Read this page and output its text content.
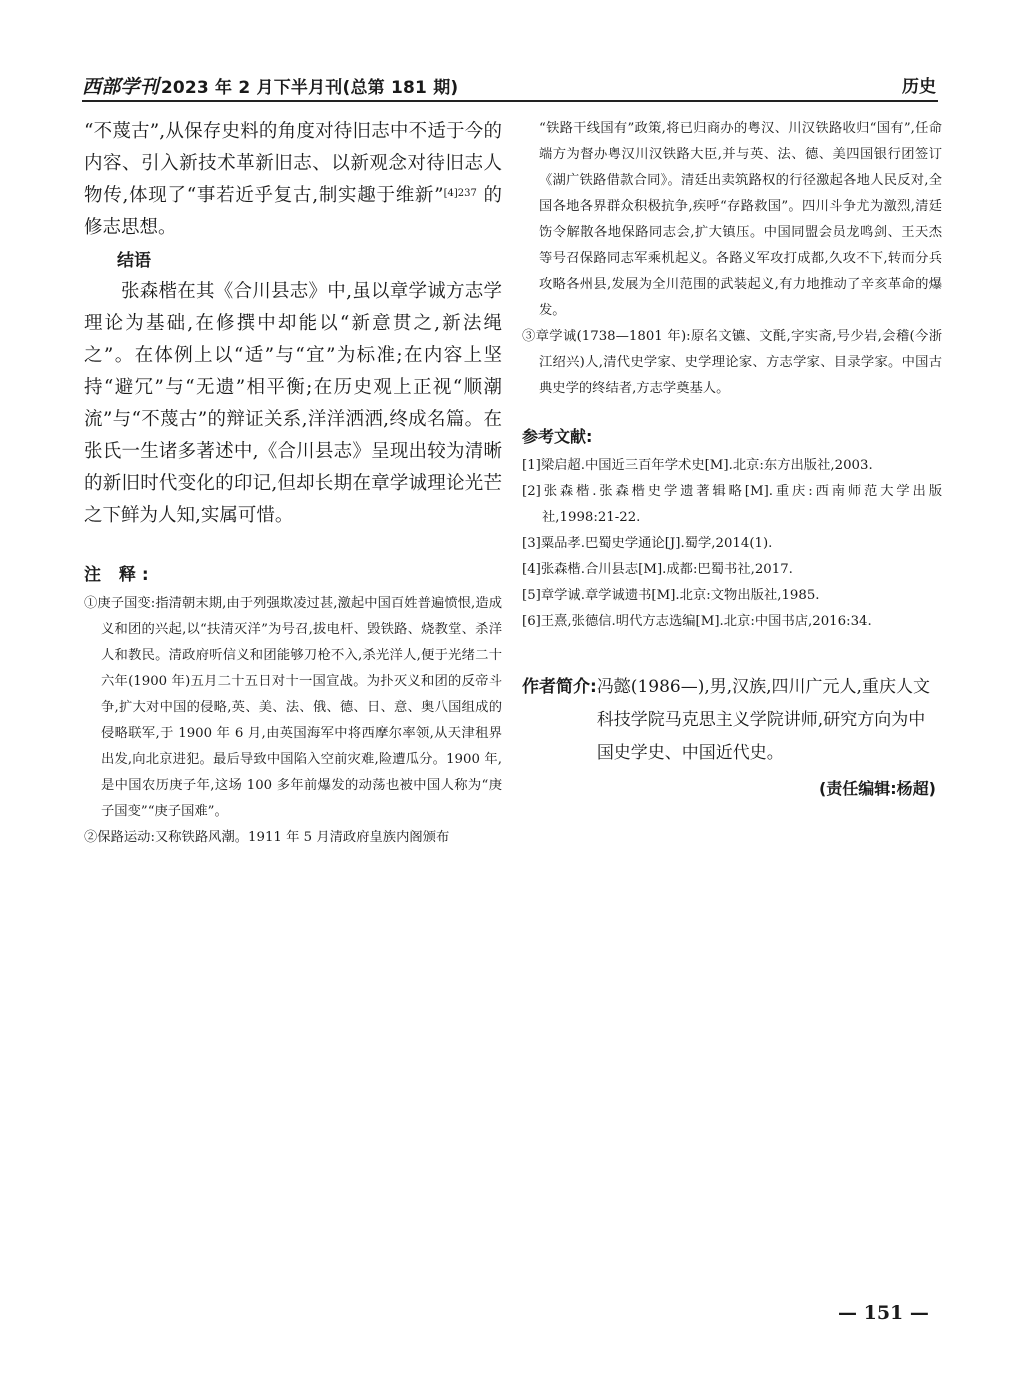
西部学刊 2023 年 2 月下半月刊(总第 181 期)	历史

“不蔑古”,从保存史料的角度对待旧志中不适于今的内容、引入新技术革新旧志、以新观念对待旧志人物传,体现了“事若近乎复古,制实趣于维新”$^{[4]237}$ 的修志思想。

结语

张森楷在其《合川县志》中,虽以章学诚方志学理论为基础,在修撰中却能以“新意贯之,新法绳之”。在体例上以“适”与“宜”为标准;在内容上坚持“避冗”与“无遗”相平衡;在历史观上正视“顺潮流”与“不蔑古”的辩证关系,洋洋洒洒,终成名篇。在张氏一生诸多著述中,《合川县志》呈现出较为清晰的新旧时代变化的印记,但却长期在章学诚理论光芒之下鲜为人知,实属可惜。

注 释:

①庚子国变:指清朝末期,由于列强欺凌过甚,激起中国百姓普遍愤恨,造成义和团的兴起,以“扶清灭洋”为号召,拔电杆、毁铁路、烧教堂、杀洋人和教民。清政府听信义和团能够刀枪不入,杀光洋人,便于光绪二十六年(1900 年)五月二十五日对十一国宣战。为扑灭义和团的反帝斗争,扩大对中国的侵略,英、美、法、俄、德、日、意、奥八国组成的侵略联军,于 1900 年 6 月,由英国海军中将西摩尔率领,从天津租界出发,向北京进犯。最后导致中国陷入空前灾难,险遭瓜分。1900 年,是中国农历庚子年,这场 100 多年前爆发的动荡也被中国人称为“庚子国变”“庚子国难”。

②保路运动:又称铁路风潮。1911 年 5 月清政府皇族内阁颁布

“铁路干线国有”政策,将已归商办的粤汉、川汉铁路收归“国有”,任命端方为督办粤汉川汉铁路大臣,并与英、法、德、美四国银行团签订《湖广铁路借款合同》。清廷出卖筑路权的行径激起各地人民反对,全国各地各界群众积极抗争,疾呼“存路救国”。四川斗争尤为激烈,清廷饬令解散各地保路同志会,扩大镇压。中国同盟会员龙鸣剑、王天杰等号召保路同志军乘机起义。各路义军攻打成都,久攻不下,转而分兵攻略各州县,发展为全川范围的武装起义,有力地推动了辛亥革命的爆发。

③章学诚(1738—1801 年):原名文镳、文酕,字实斋,号少岩,会稽(今浙江绍兴)人,清代史学家、史学理论家、方志学家、目录学家。中国古典史学的终结者,方志学奠基人。

参考文献:

[1]梁启超.中国近三百年学术史[M].北京:东方出版社,2003.

[2]张森楷.张森楷史学遗著辑略[M].重庆:西南师范大学出版社,1998:21-22.

[3]粟品孝.巴蜀史学通论[J].蜀学,2014(1).

[4]张森楷.合川县志[M].成都:巴蜀书社,2017.

[5]章学诚.章学诚遗书[M].北京:文物出版社,1985.

[6]王熹,张德信.明代方志选编[M].北京:中国书店,2016:34.

作者简介: 冯懿(1986—),男,汉族,四川广元人,重庆人文科技学院马克思主义学院讲师,研究方向为中国史学史、中国近代史。
(责任编辑:杨超)
— 151 —
